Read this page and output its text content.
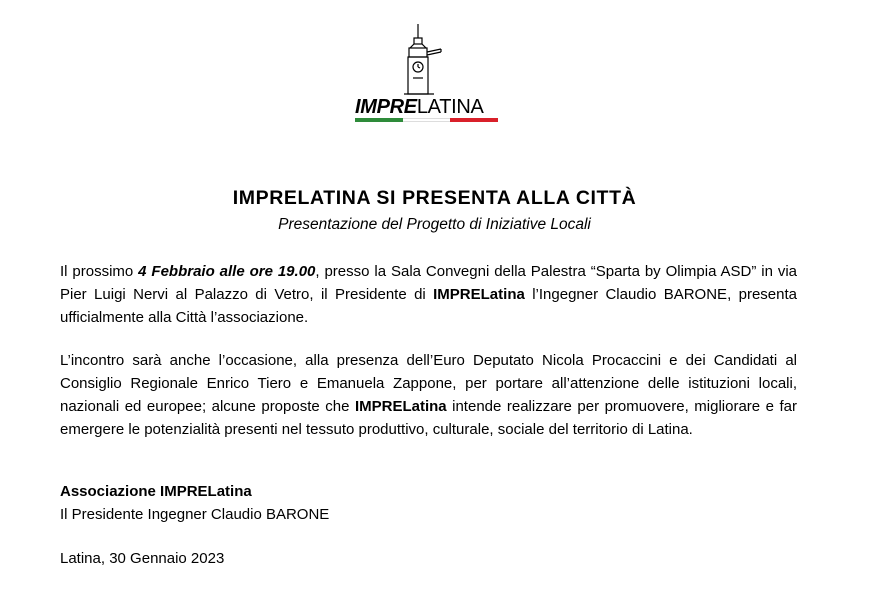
IMPRELATINA
IMPRELATINA SI PRESENTA ALLA CITTÀ

Presentazione del Progetto di Iniziative Locali

Il prossimo 4 Febbraio alle ore 19.00, presso la Sala Convegni della Palestra “Sparta by Olimpia ASD” in via Pier Luigi Nervi al Palazzo di Vetro, il Presidente di IMPRELatina l’Ingegner Claudio BARONE, presenta ufficialmente alla Città l’associazione.

L’incontro sarà anche l’occasione, alla presenza dell’Euro Deputato Nicola Procaccini e dei Candidati al Consiglio Regionale Enrico Tiero e Emanuela Zappone, per portare all’attenzione delle istituzioni locali, nazionali ed europee; alcune proposte che IMPRELatina intende realizzare per promuovere, migliorare e far emergere le potenzialità presenti nel tessuto produttivo, culturale, sociale del territorio di Latina.

Associazione IMPRELatina

Il Presidente Ingegner Claudio BARONE

Latina, 30 Gennaio 2023
